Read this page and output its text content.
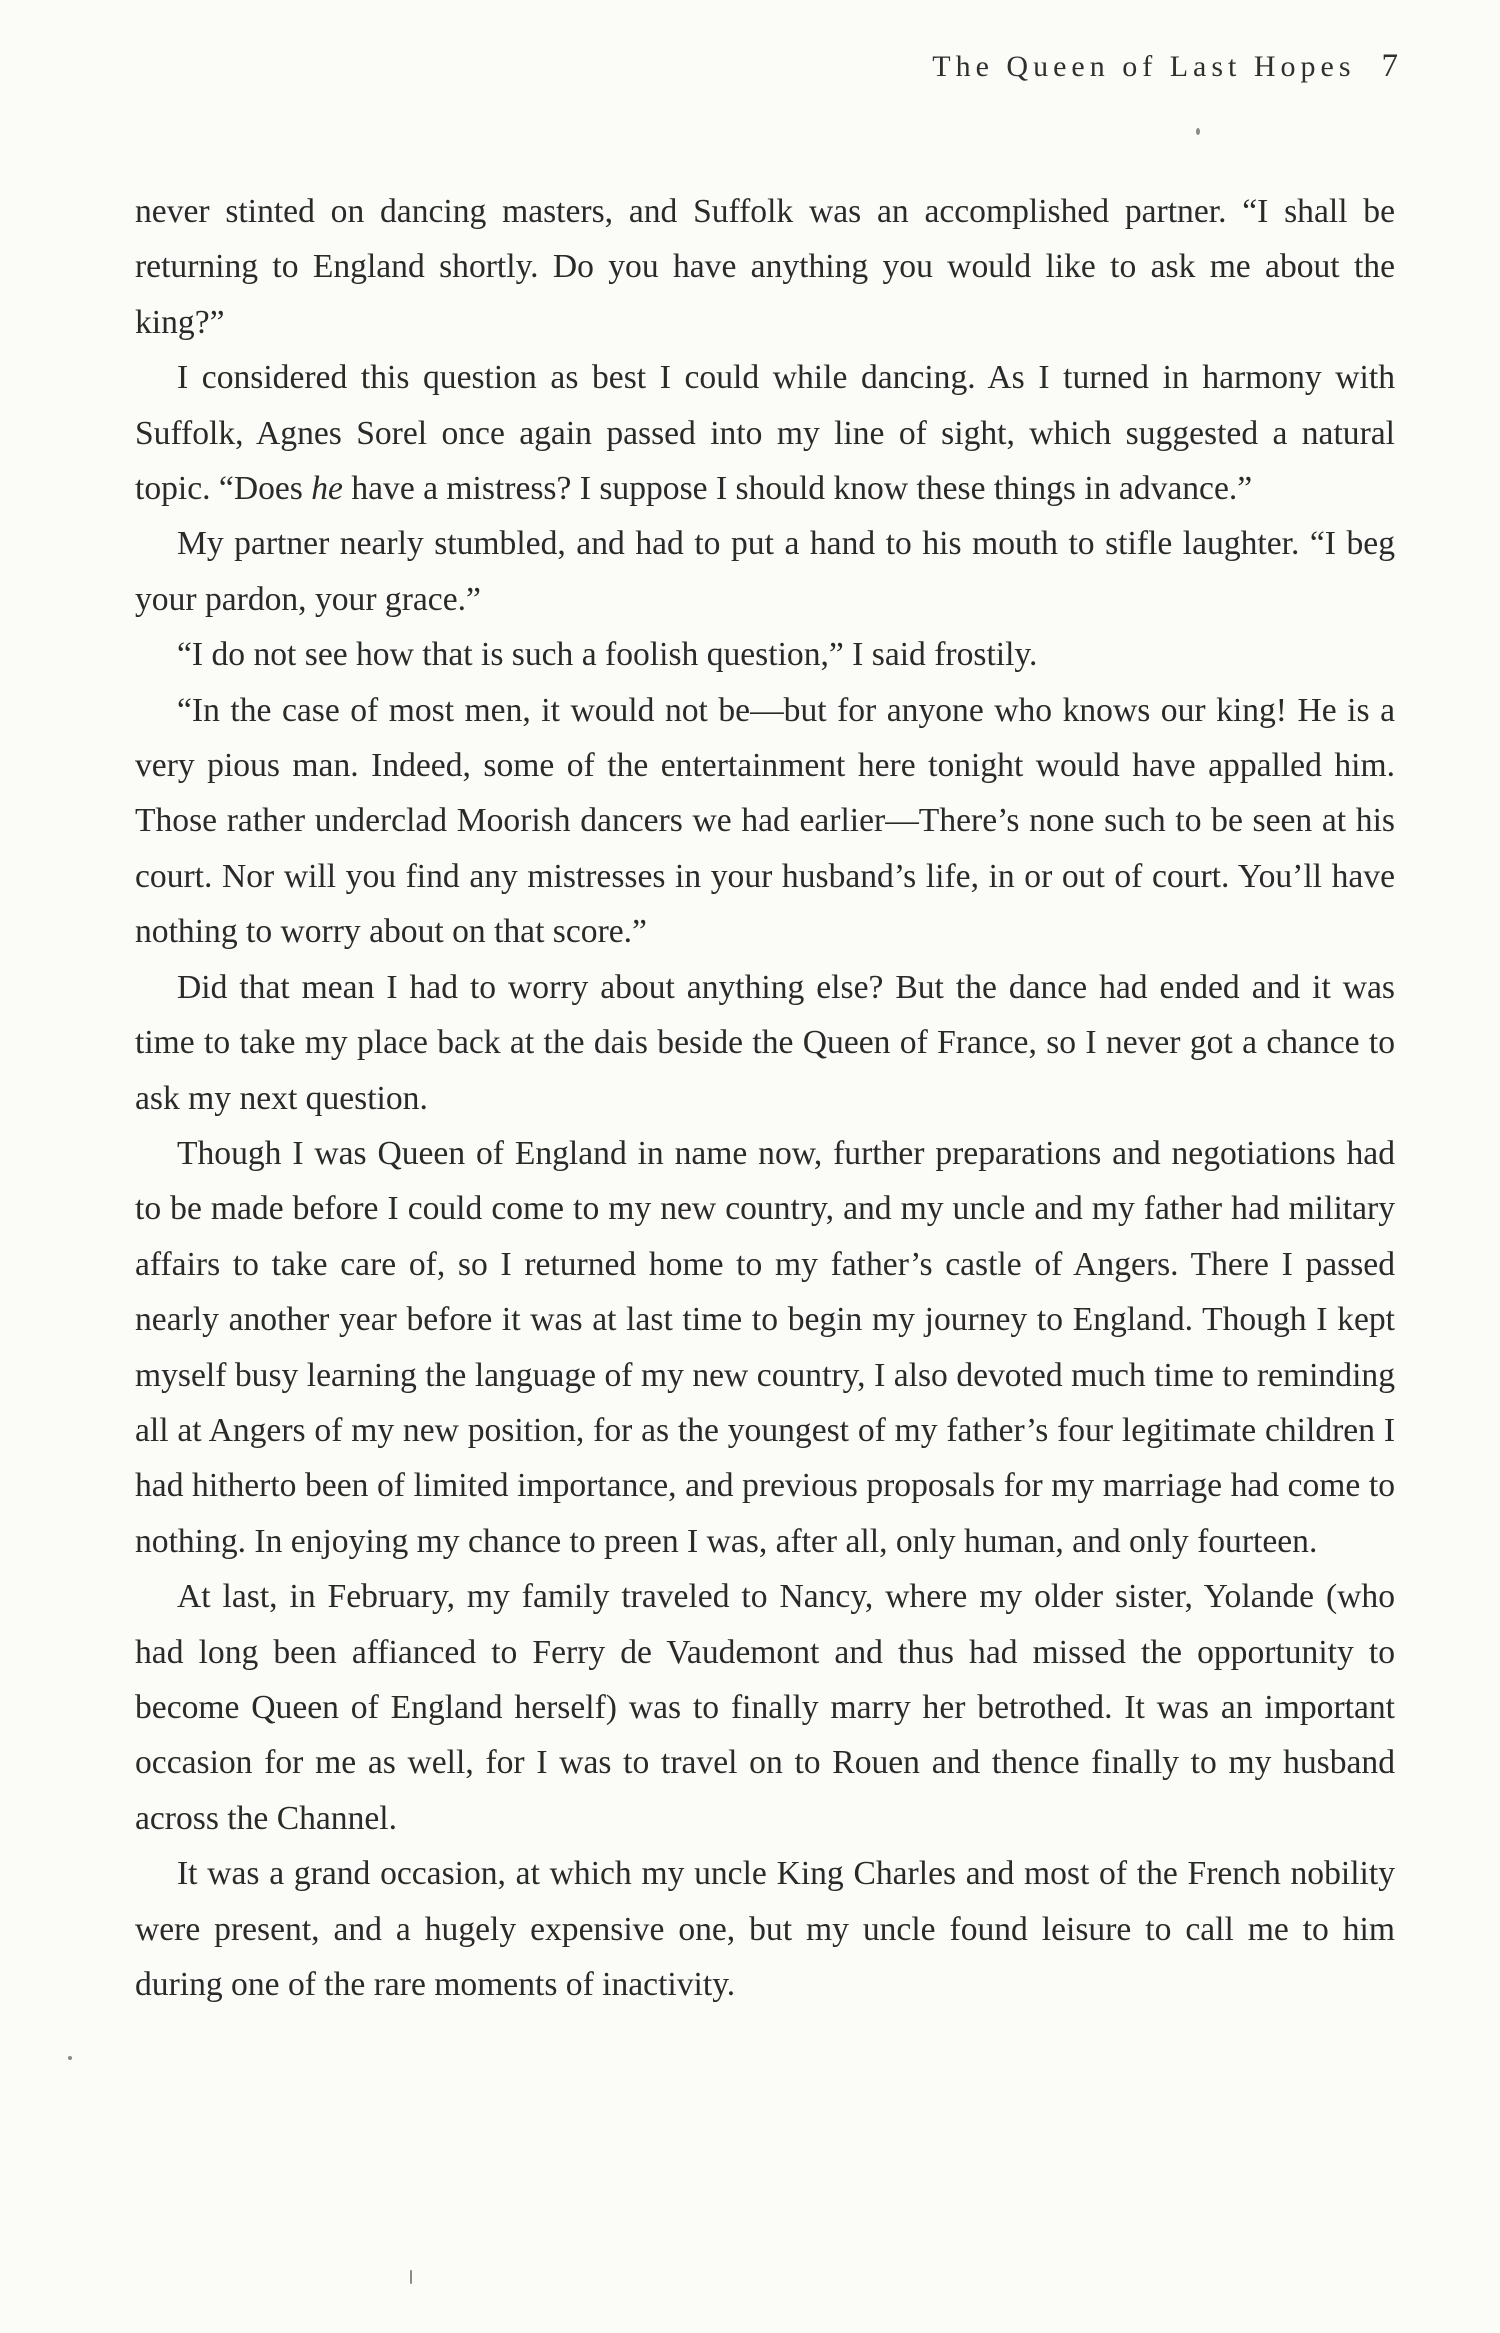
The Queen of Last Hopes 7

never stinted on dancing masters, and Suffolk was an accomplished partner. “I shall be returning to England shortly. Do you have anything you would like to ask me about the king?”

I considered this question as best I could while dancing. As I turned in harmony with Suffolk, Agnes Sorel once again passed into my line of sight, which suggested a natural topic. “Does he have a mistress? I suppose I should know these things in advance.”

My partner nearly stumbled, and had to put a hand to his mouth to stifle laughter. “I beg your pardon, your grace.”

“I do not see how that is such a foolish question,” I said frostily.

“In the case of most men, it would not be—but for anyone who knows our king! He is a very pious man. Indeed, some of the entertainment here tonight would have appalled him. Those rather underclad Moorish dancers we had earlier—There’s none such to be seen at his court. Nor will you find any mistresses in your husband’s life, in or out of court. You’ll have nothing to worry about on that score.”

Did that mean I had to worry about anything else? But the dance had ended and it was time to take my place back at the dais beside the Queen of France, so I never got a chance to ask my next question.

Though I was Queen of England in name now, further preparations and negotiations had to be made before I could come to my new country, and my uncle and my father had military affairs to take care of, so I returned home to my father’s castle of Angers. There I passed nearly another year before it was at last time to begin my journey to England. Though I kept myself busy learning the language of my new country, I also devoted much time to reminding all at Angers of my new position, for as the youngest of my father’s four legitimate children I had hitherto been of limited importance, and previous proposals for my marriage had come to nothing. In enjoying my chance to preen I was, after all, only human, and only fourteen.

At last, in February, my family traveled to Nancy, where my older sister, Yolande (who had long been affianced to Ferry de Vaudemont and thus had missed the opportunity to become Queen of England herself) was to finally marry her betrothed. It was an important occasion for me as well, for I was to travel on to Rouen and thence finally to my husband across the Channel.

It was a grand occasion, at which my uncle King Charles and most of the French nobility were present, and a hugely expensive one, but my uncle found leisure to call me to him during one of the rare moments of inactivity.
